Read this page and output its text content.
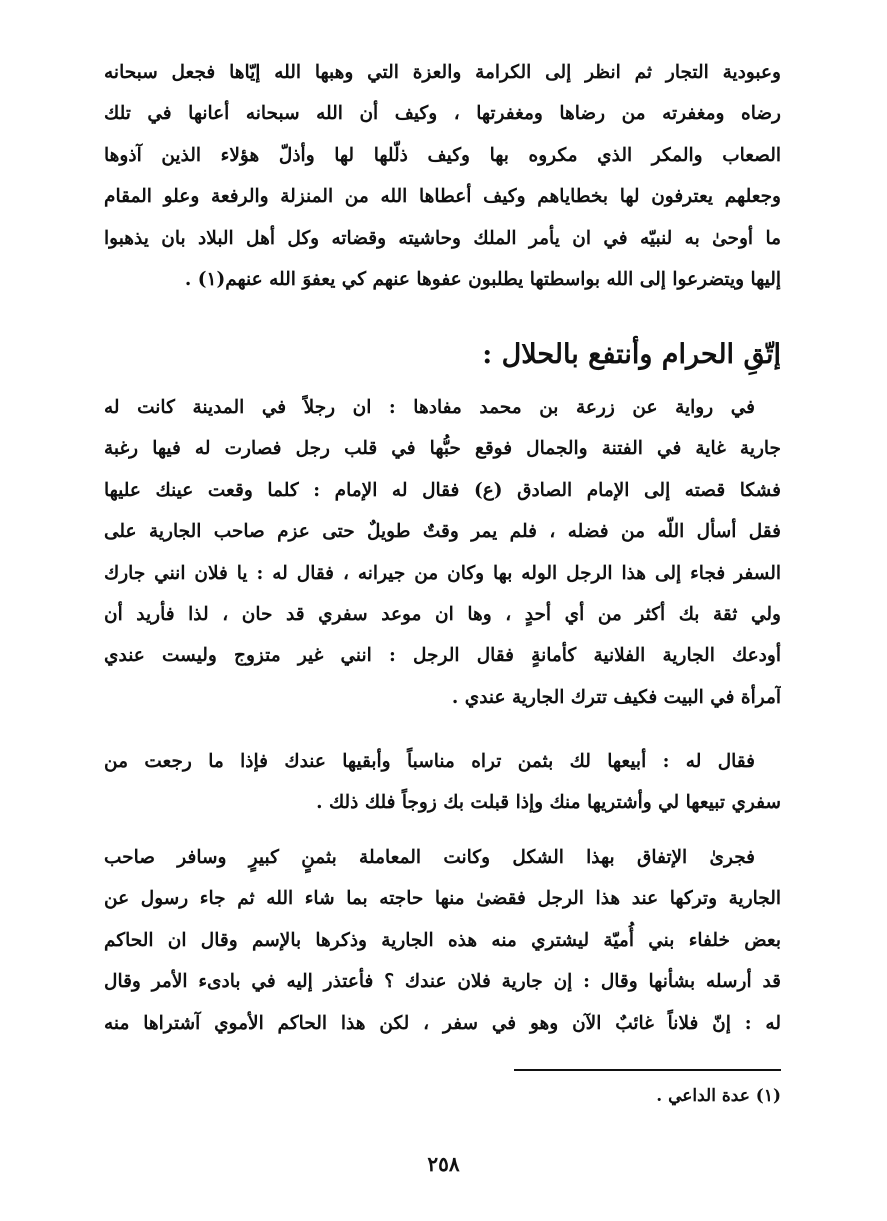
وعبودية التجار ثم انظر إلى الكرامة والعزة التي وهبها الله إيّاها فجعل سبحانه
رضاه ومغفرته من رضاها ومغفرتها ، وكيف أن الله سبحانه أعانها في تلك
الصعاب والمكر الذي مكروه بها وكيف ذلّلها لها وأذلّ هؤلاء الذين آذوها
وجعلهم يعترفون لها بخطاياهم وكيف أعطاها الله من المنزلة والرفعة وعلو المقام
ما أوحىٰ به لنبيّه في ان يأمر الملك وحاشيته وقضاته وكل أهل البلاد بان يذهبوا
إليها ويتضرعوا إلى الله بواسطتها يطلبون عفوها عنهم كي يعفوَ الله عنهم(١) .
إتّقِ الحرام وأنتفع بالحلال :
في رواية عن زرعة بن محمد مفادها : ان رجلاً في المدينة كانت له
جارية غاية في الفتنة والجمال فوقع حبُّها في قلب رجل فصارت له فيها رغبة
فشكا قصته إلى الإمام الصادق (ع) فقال له الإمام : كلما وقعت عينك عليها
فقل أسأل اللّه من فضله ، فلم يمر وقتٌ طويلٌ حتى عزم صاحب الجارية على
السفر فجاء إلى هذا الرجل الوله بها وكان من جيرانه ، فقال له : يا فلان انني جارك
ولي ثقة بك أكثر من أي أحدٍ ، وها ان موعد سفري قد حان ، لذا فأريد أن
أودعك الجارية الفلانية كأمانةٍ فقال الرجل : انني غير متزوج وليست عندي
آمرأة في البيت فكيف تترك الجارية عندي .
فقال له : أبيعها لك بثمن تراه مناسباً وأبقيها عندك فإذا ما رجعت من
سفري تبيعها لي وأشتريها منك وإذا قبلت بك زوجاً فلك ذلك .
فجرىٰ الإتفاق بهذا الشكل وكانت المعاملة بثمنٍ كبيرٍ وسافر صاحب
الجارية وتركها عند هذا الرجل فقضىٰ منها حاجته بما شاء الله ثم جاء رسول عن
بعض خلفاء بني أُميّة ليشتري منه هذه الجارية وذكرها بالإسم وقال ان الحاكم
قد أرسله بشأنها وقال : إن جارية فلان عندك ؟ فأعتذر إليه في بادىء الأمر وقال
له : إنّ فلاناً غائبٌ الآن وهو في سفر ، لكن هذا الحاكم الأموي آشتراها منه
(١) عدة الداعي .
٢٥٨
